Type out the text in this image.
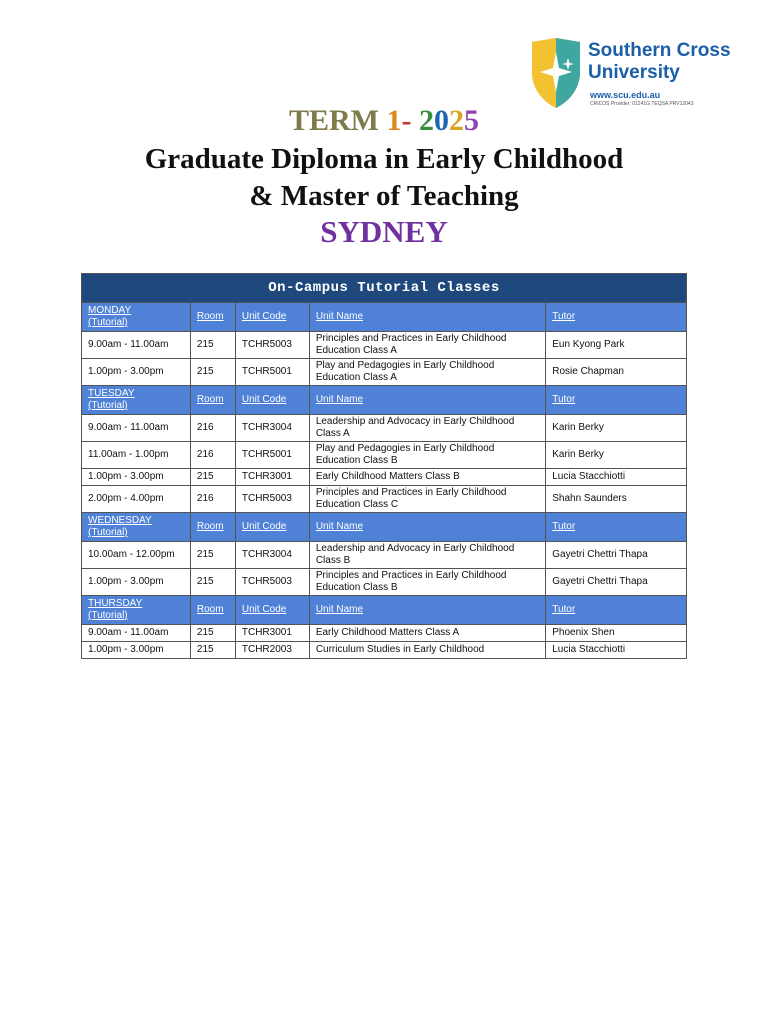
Southern Cross
University
www.scu.edu.au
CRICOS Provider: 01241G TEQSA PRV12043
TERM 1- 2025
Graduate Diploma in Early Childhood
& Master of Teaching
SYDNEY
On-Campus Tutorial Classes				

MONDAY
(Tutorial)	Room	Unit Code	Unit Name	Tutor
9.00am - 11.00am	215	TCHR5003	Principles and Practices in Early Childhood
Education Class A	Eun Kyong Park
1.00pm - 3.00pm	215	TCHR5001	Play and Pedagogies in Early Childhood
Education Class A	Rosie Chapman

TUESDAY
(Tutorial)	Room	Unit Code	Unit Name	Tutor
9.00am - 11.00am	216	TCHR3004	Leadership and Advocacy in Early Childhood
Class A	Karin Berky
11.00am - 1.00pm	216	TCHR5001	Play and Pedagogies in Early Childhood
Education Class B	Karin Berky
1.00pm - 3.00pm	215	TCHR3001	Early Childhood Matters Class B	Lucia Stacchiotti
2.00pm - 4.00pm	216	TCHR5003	Principles and Practices in Early Childhood
Education Class C	Shahn Saunders

WEDNESDAY
(Tutorial)	Room	Unit Code	Unit Name	Tutor
10.00am - 12.00pm	215	TCHR3004	Leadership and Advocacy in Early Childhood
Class B	Gayetri Chettri Thapa
1.00pm - 3.00pm	215	TCHR5003	Principles and Practices in Early Childhood
Education Class B	Gayetri Chettri Thapa

THURSDAY
(Tutorial)	Room	Unit Code	Unit Name	Tutor
9.00am - 11.00am	215	TCHR3001	Early Childhood Matters Class A	Phoenix Shen
1.00pm - 3.00pm	215	TCHR2003	Curriculum Studies in Early Childhood	Lucia Stacchiotti
